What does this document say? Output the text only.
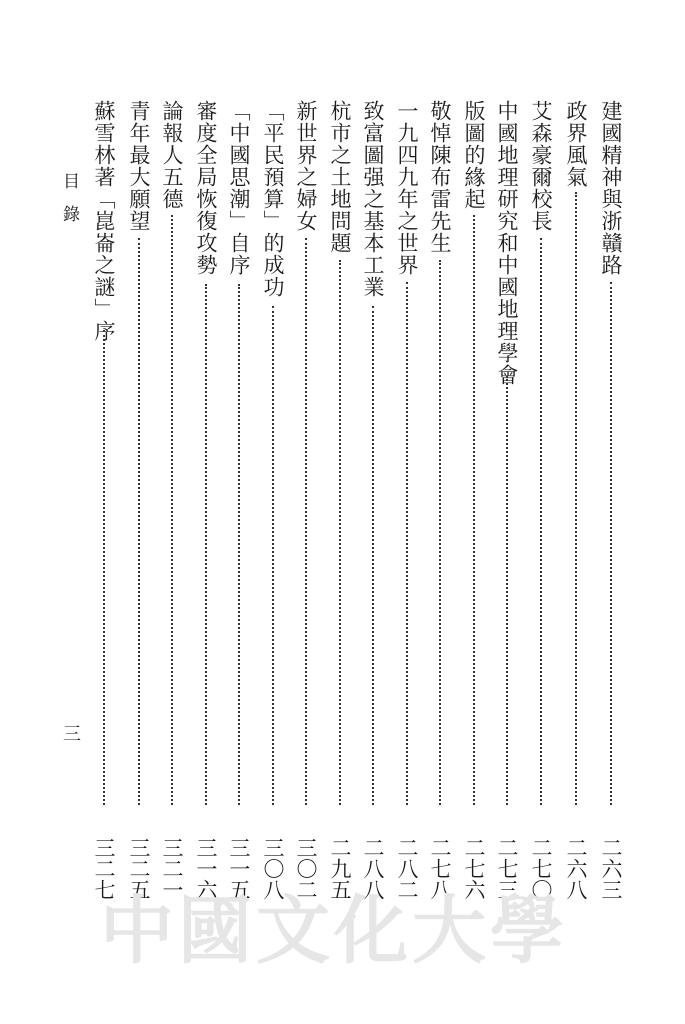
建國精神與浙贛路
二六三
政界風氣
二六八
艾森豪爾校長
二七〇
中國地理研究和中國地理學會
二七三
版圖的緣起
二七六
敬悼陳布雷先生
二七八
一九四九年之世界
二八二
致富圖强之基本工業
二八八
杭市之土地問題
二九五
新世界之婦女
三〇二
「平民預算」的成功
三〇八
「中國思潮」自序
三一五
審度全局恢復攻勢
三一六
論報人五德
三二一
青年最大願望
三二五
蘇雪林著「崑崙之謎」序
三二七
目錄
三
中國文化大學
